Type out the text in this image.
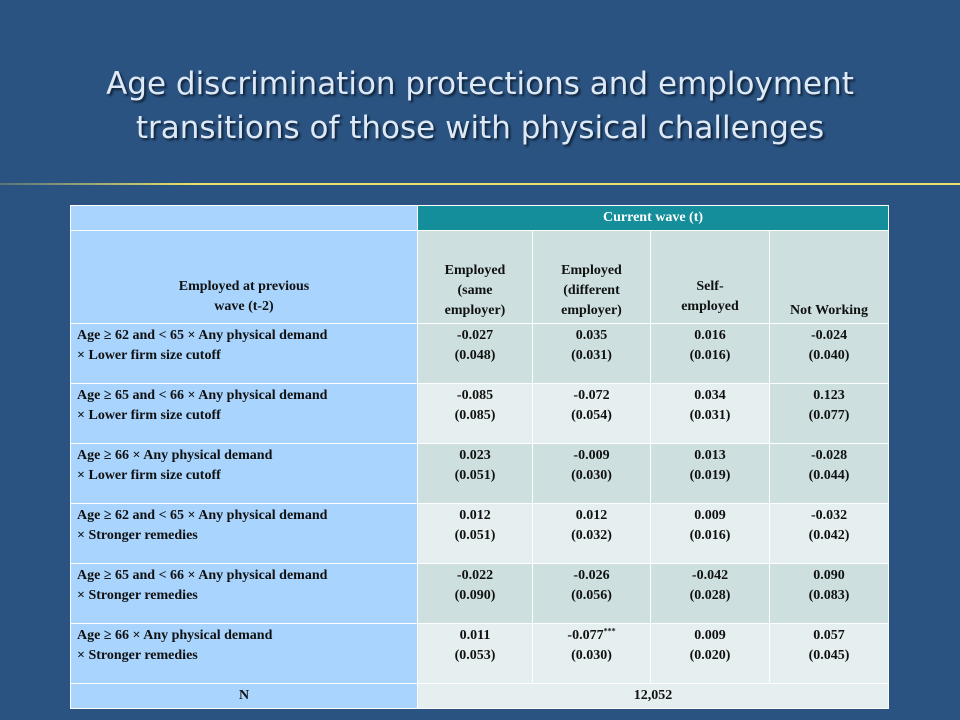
Age discrimination protections and employment
transitions of those with physical challenges
	Current wave (t)			
Employed at previous
wave (t-2)	Employed
(same
employer)	Employed
(different
employer)	Self-
employed	Not Working
Age ≥ 62 and < 65 × Any physical demand
× Lower firm size cutoff	-0.027
(0.048)	0.035
(0.031)	0.016
(0.016)	-0.024
(0.040)
Age ≥ 65 and < 66 × Any physical demand
× Lower firm size cutoff	-0.085
(0.085)	-0.072
(0.054)	0.034
(0.031)	0.123
(0.077)
Age ≥ 66 × Any physical demand
× Lower firm size cutoff	0.023
(0.051)	-0.009
(0.030)	0.013
(0.019)	-0.028
(0.044)
Age ≥ 62 and < 65 × Any physical demand
× Stronger remedies	0.012
(0.051)	0.012
(0.032)	0.009
(0.016)	-0.032
(0.042)
Age ≥ 65 and < 66 × Any physical demand
× Stronger remedies	-0.022
(0.090)	-0.026
(0.056)	-0.042
(0.028)	0.090
(0.083)
Age ≥ 66 × Any physical demand
× Stronger remedies	0.011
(0.053)	-0.077***
(0.030)	0.009
(0.020)	0.057
(0.045)
N	12,052			
